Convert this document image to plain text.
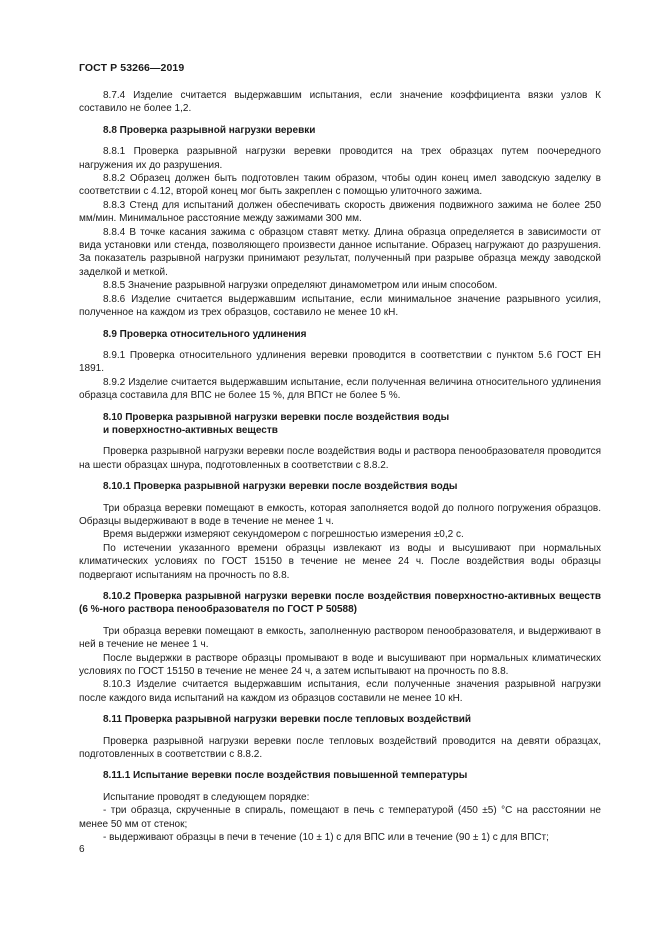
ГОСТ Р 53266—2019

8.7.4 Изделие считается выдержавшим испытания, если значение коэффициента вязки узлов К составило не более 1,2.

8.8 Проверка разрывной нагрузки веревки

8.8.1 Проверка разрывной нагрузки веревки проводится на трех образцах путем поочередного нагружения их до разрушения.

8.8.2 Образец должен быть подготовлен таким образом, чтобы один конец имел заводскую заделку в соответствии с 4.12, второй конец мог быть закреплен с помощью улиточного зажима.

8.8.3 Стенд для испытаний должен обеспечивать скорость движения подвижного зажима не более 250 мм/мин. Минимальное расстояние между зажимами 300 мм.

8.8.4 В точке касания зажима с образцом ставят метку. Длина образца определяется в зависимости от вида установки или стенда, позволяющего произвести данное испытание. Образец нагружают до разрушения. За показатель разрывной нагрузки принимают результат, полученный при разрыве образца между заводской заделкой и меткой.

8.8.5 Значение разрывной нагрузки определяют динамометром или иным способом.

8.8.6 Изделие считается выдержавшим испытание, если минимальное значение разрывного усилия, полученное на каждом из трех образцов, составило не менее 10 кН.

8.9 Проверка относительного удлинения

8.9.1 Проверка относительного удлинения веревки проводится в соответствии с пунктом 5.6 ГОСТ ЕН 1891.

8.9.2 Изделие считается выдержавшим испытание, если полученная величина относительного удлинения образца составила для ВПС не более 15 %, для ВПСт не более 5 %.

8.10 Проверка разрывной нагрузки веревки после воздействия воды
и поверхностно-активных веществ

Проверка разрывной нагрузки веревки после воздействия воды и раствора пенообразователя проводится на шести образцах шнура, подготовленных в соответствии с 8.8.2.

8.10.1 Проверка разрывной нагрузки веревки после воздействия воды

Три образца веревки помещают в емкость, которая заполняется водой до полного погружения образцов. Образцы выдерживают в воде в течение не менее 1 ч.

Время выдержки измеряют секундомером с погрешностью измерения ±0,2 с.

По истечении указанного времени образцы извлекают из воды и высушивают при нормальных климатических условиях по ГОСТ 15150 в течение не менее 24 ч. После воздействия воды образцы подвергают испытаниям на прочность по 8.8.

8.10.2 Проверка разрывной нагрузки веревки после воздействия поверхностно-активных веществ (6 %-ного раствора пенообразователя по ГОСТ Р 50588)

Три образца веревки помещают в емкость, заполненную раствором пенообразователя, и выдерживают в ней в течение не менее 1 ч.

После выдержки в растворе образцы промывают в воде и высушивают при нормальных климатических условиях по ГОСТ 15150 в течение не менее 24 ч, а затем испытывают на прочность по 8.8.

8.10.3 Изделие считается выдержавшим испытания, если полученные значения разрывной нагрузки после каждого вида испытаний на каждом из образцов составили не менее 10 кН.

8.11 Проверка разрывной нагрузки веревки после тепловых воздействий

Проверка разрывной нагрузки веревки после тепловых воздействий проводится на девяти образцах, подготовленных в соответствии с 8.8.2.

8.11.1 Испытание веревки после воздействия повышенной температуры

Испытание проводят в следующем порядке:

- три образца, скрученные в спираль, помещают в печь с температурой (450 ±5) °С на расстоянии не менее 50 мм от стенок;

- выдерживают образцы в печи в течение (10 ± 1) с для ВПС или в течение (90 ± 1) с для ВПСт;

6
